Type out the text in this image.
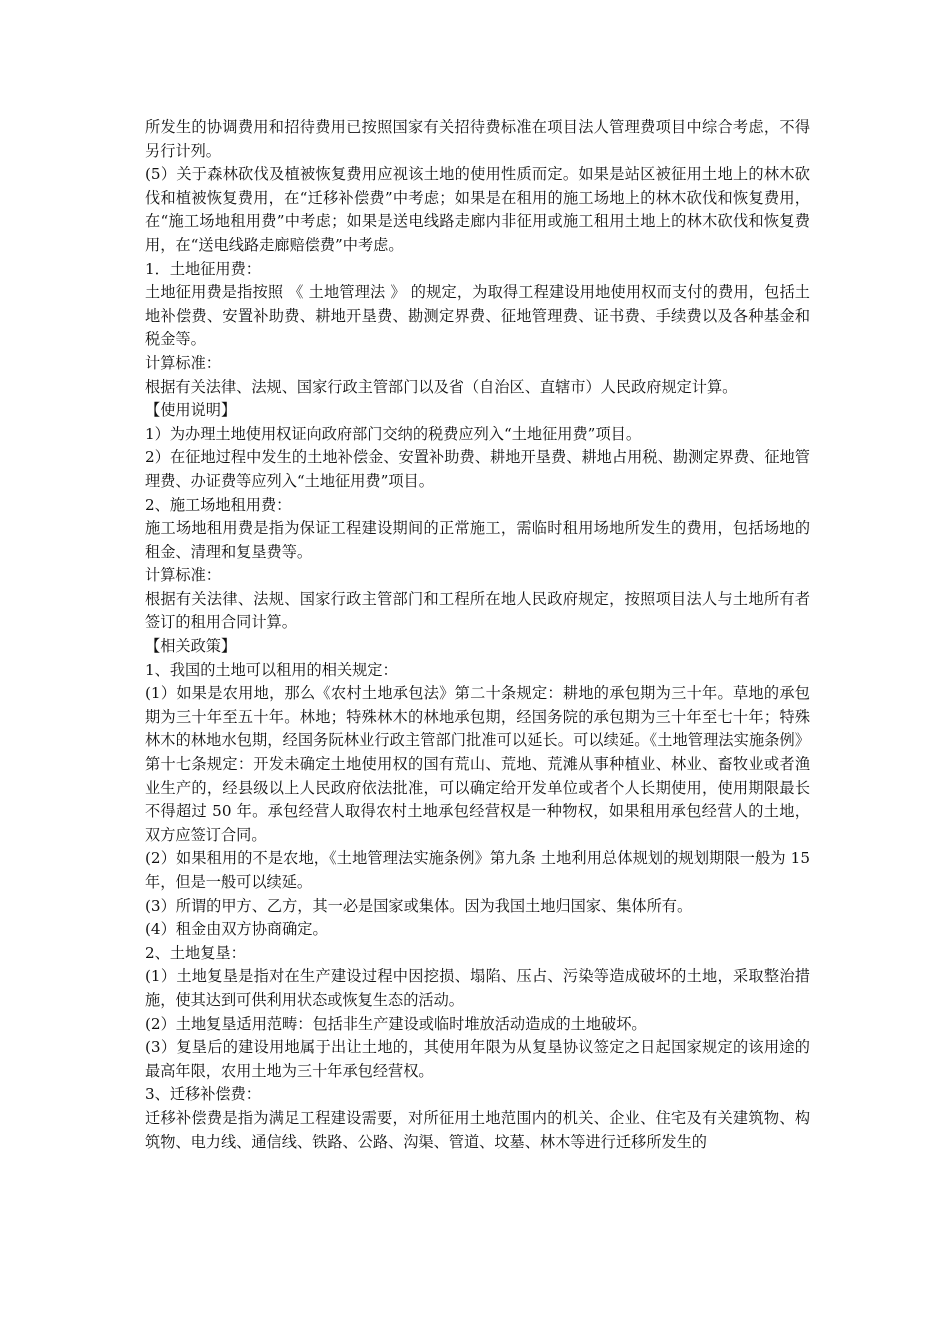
所发生的协调费用和招待费用已按照国家有关招待费标准在项目法人管理费项目中综合考虑，不得另行计列。

(5）关于森林砍伐及植被恢复费用应视该土地的使用性质而定。如果是站区被征用土地上的林木砍伐和植被恢复费用，在“迁移补偿费”中考虑；如果是在租用的施工场地上的林木砍伐和恢复费用，在“施工场地租用费”中考虑；如果是送电线路走廊内非征用或施工租用土地上的林木砍伐和恢复费用，在“送电线路走廊赔偿费”中考虑。

1．土地征用费：

土地征用费是指按照 《 土地管理法 》 的规定，为取得工程建设用地使用权而支付的费用，包括土地补偿费、安置补助费、耕地开垦费、勘测定界费、征地管理费、证书费、手续费以及各种基金和税金等。

计算标准：

根据有关法律、法规、国家行政主管部门以及省（自治区、直辖市）人民政府规定计算。

【使用说明】

1）为办理土地使用权证向政府部门交纳的税费应列入“土地征用费”项目。

2）在征地过程中发生的土地补偿金、安置补助费、耕地开垦费、耕地占用税、勘测定界费、征地管理费、办证费等应列入“土地征用费”项目。

2、施工场地租用费：

施工场地租用费是指为保证工程建设期间的正常施工，需临时租用场地所发生的费用，包括场地的租金、清理和复垦费等。

计算标准：

根据有关法律、法规、国家行政主管部门和工程所在地人民政府规定，按照项目法人与土地所有者签订的租用合同计算。

【相关政策】

1、我国的土地可以租用的相关规定：

(1）如果是农用地，那么《农村土地承包法》第二十条规定：耕地的承包期为三十年。草地的承包期为三十年至五十年。林地；特殊林木的林地承包期，经国务院的承包期为三十年至七十年；特殊林木的林地水包期，经国务阮林业行政主管部门批准可以延长。可以续延。《土地管理法实施条例》第十七条规定：开发未确定土地使用权的国有荒山、荒地、荒滩从事种植业、林业、畜牧业或者渔业生产的，经县级以上人民政府依法批准，可以确定给开发单位或者个人长期使用，使用期限最长不得超过 50 年。承包经营人取得农村土地承包经营权是一种物权，如果租用承包经营人的土地，双方应签订合同。

(2）如果租用的不是农地，《土地管理法实施条例》第九条 土地利用总体规划的规划期限一般为 15 年，但是一般可以续延。

(3）所谓的甲方、乙方，其一必是国家或集体。因为我国土地归国家、集体所有。

(4）租金由双方协商确定。

2、土地复垦：

(1）土地复垦是指对在生产建设过程中因挖损、塌陷、压占、污染等造成破坏的土地，采取整治措施，使其达到可供利用状态或恢复生态的活动。

(2）土地复垦适用范畴：包括非生产建设或临时堆放活动造成的土地破坏。

(3）复垦后的建设用地属于出让土地的，其使用年限为从复垦协议签定之日起国家规定的该用途的最高年限，农用土地为三十年承包经营权。

3、迁移补偿费：

迁移补偿费是指为满足工程建设需要，对所征用土地范围内的机关、企业、住宅及有关建筑物、构筑物、电力线、通信线、铁路、公路、沟渠、管道、坟墓、林木等进行迁移所发生的
